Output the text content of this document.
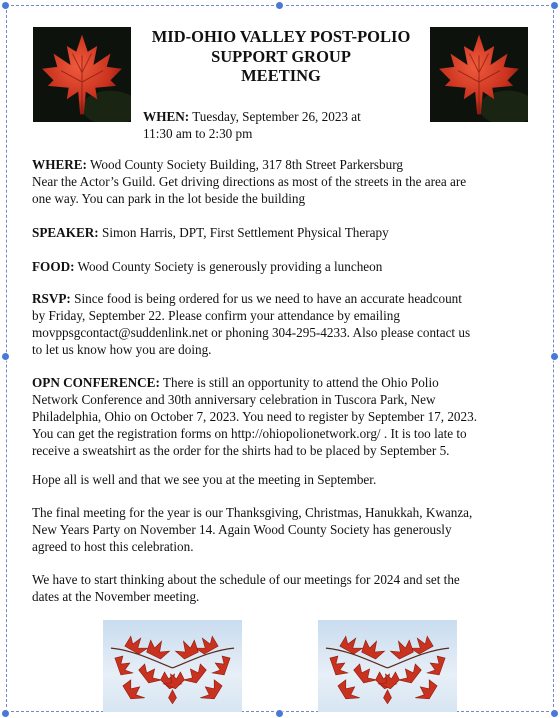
MID-OHIO VALLEY POST-POLIO
SUPPORT GROUP
MEETING
WHEN: Tuesday, September 26, 2023 at
11:30 am to 2:30 pm
WHERE: Wood County Society Building, 317 8th Street Parkersburg
Near the Actor’s Guild. Get driving directions as most of the streets in the area are
one way. You can park in the lot beside the building
SPEAKER: Simon Harris, DPT, First Settlement Physical Therapy
FOOD: Wood County Society is generously providing a luncheon
RSVP: Since food is being ordered for us we need to have an accurate headcount
by Friday, September 22. Please confirm your attendance by emailing
movppsgcontact@suddenlink.net or phoning 304-295-4233. Also please contact us
to let us know how you are doing.
OPN CONFERENCE: There is still an opportunity to attend the Ohio Polio
Network Conference and 30th anniversary celebration in Tuscora Park, New
Philadelphia, Ohio on October 7, 2023. You need to register by September 17, 2023.
You can get the registration forms on http://ohiopolionetwork.org/ . It is too late to
receive a sweatshirt as the order for the shirts had to be placed by September 5.
Hope all is well and that we see you at the meeting in September.
The final meeting for the year is our Thanksgiving, Christmas, Hanukkah, Kwanza,
New Years Party on November 14. Again Wood County Society has generously
agreed to host this celebration.
We have to start thinking about the schedule of our meetings for 2024 and set the
dates at the November meeting.
